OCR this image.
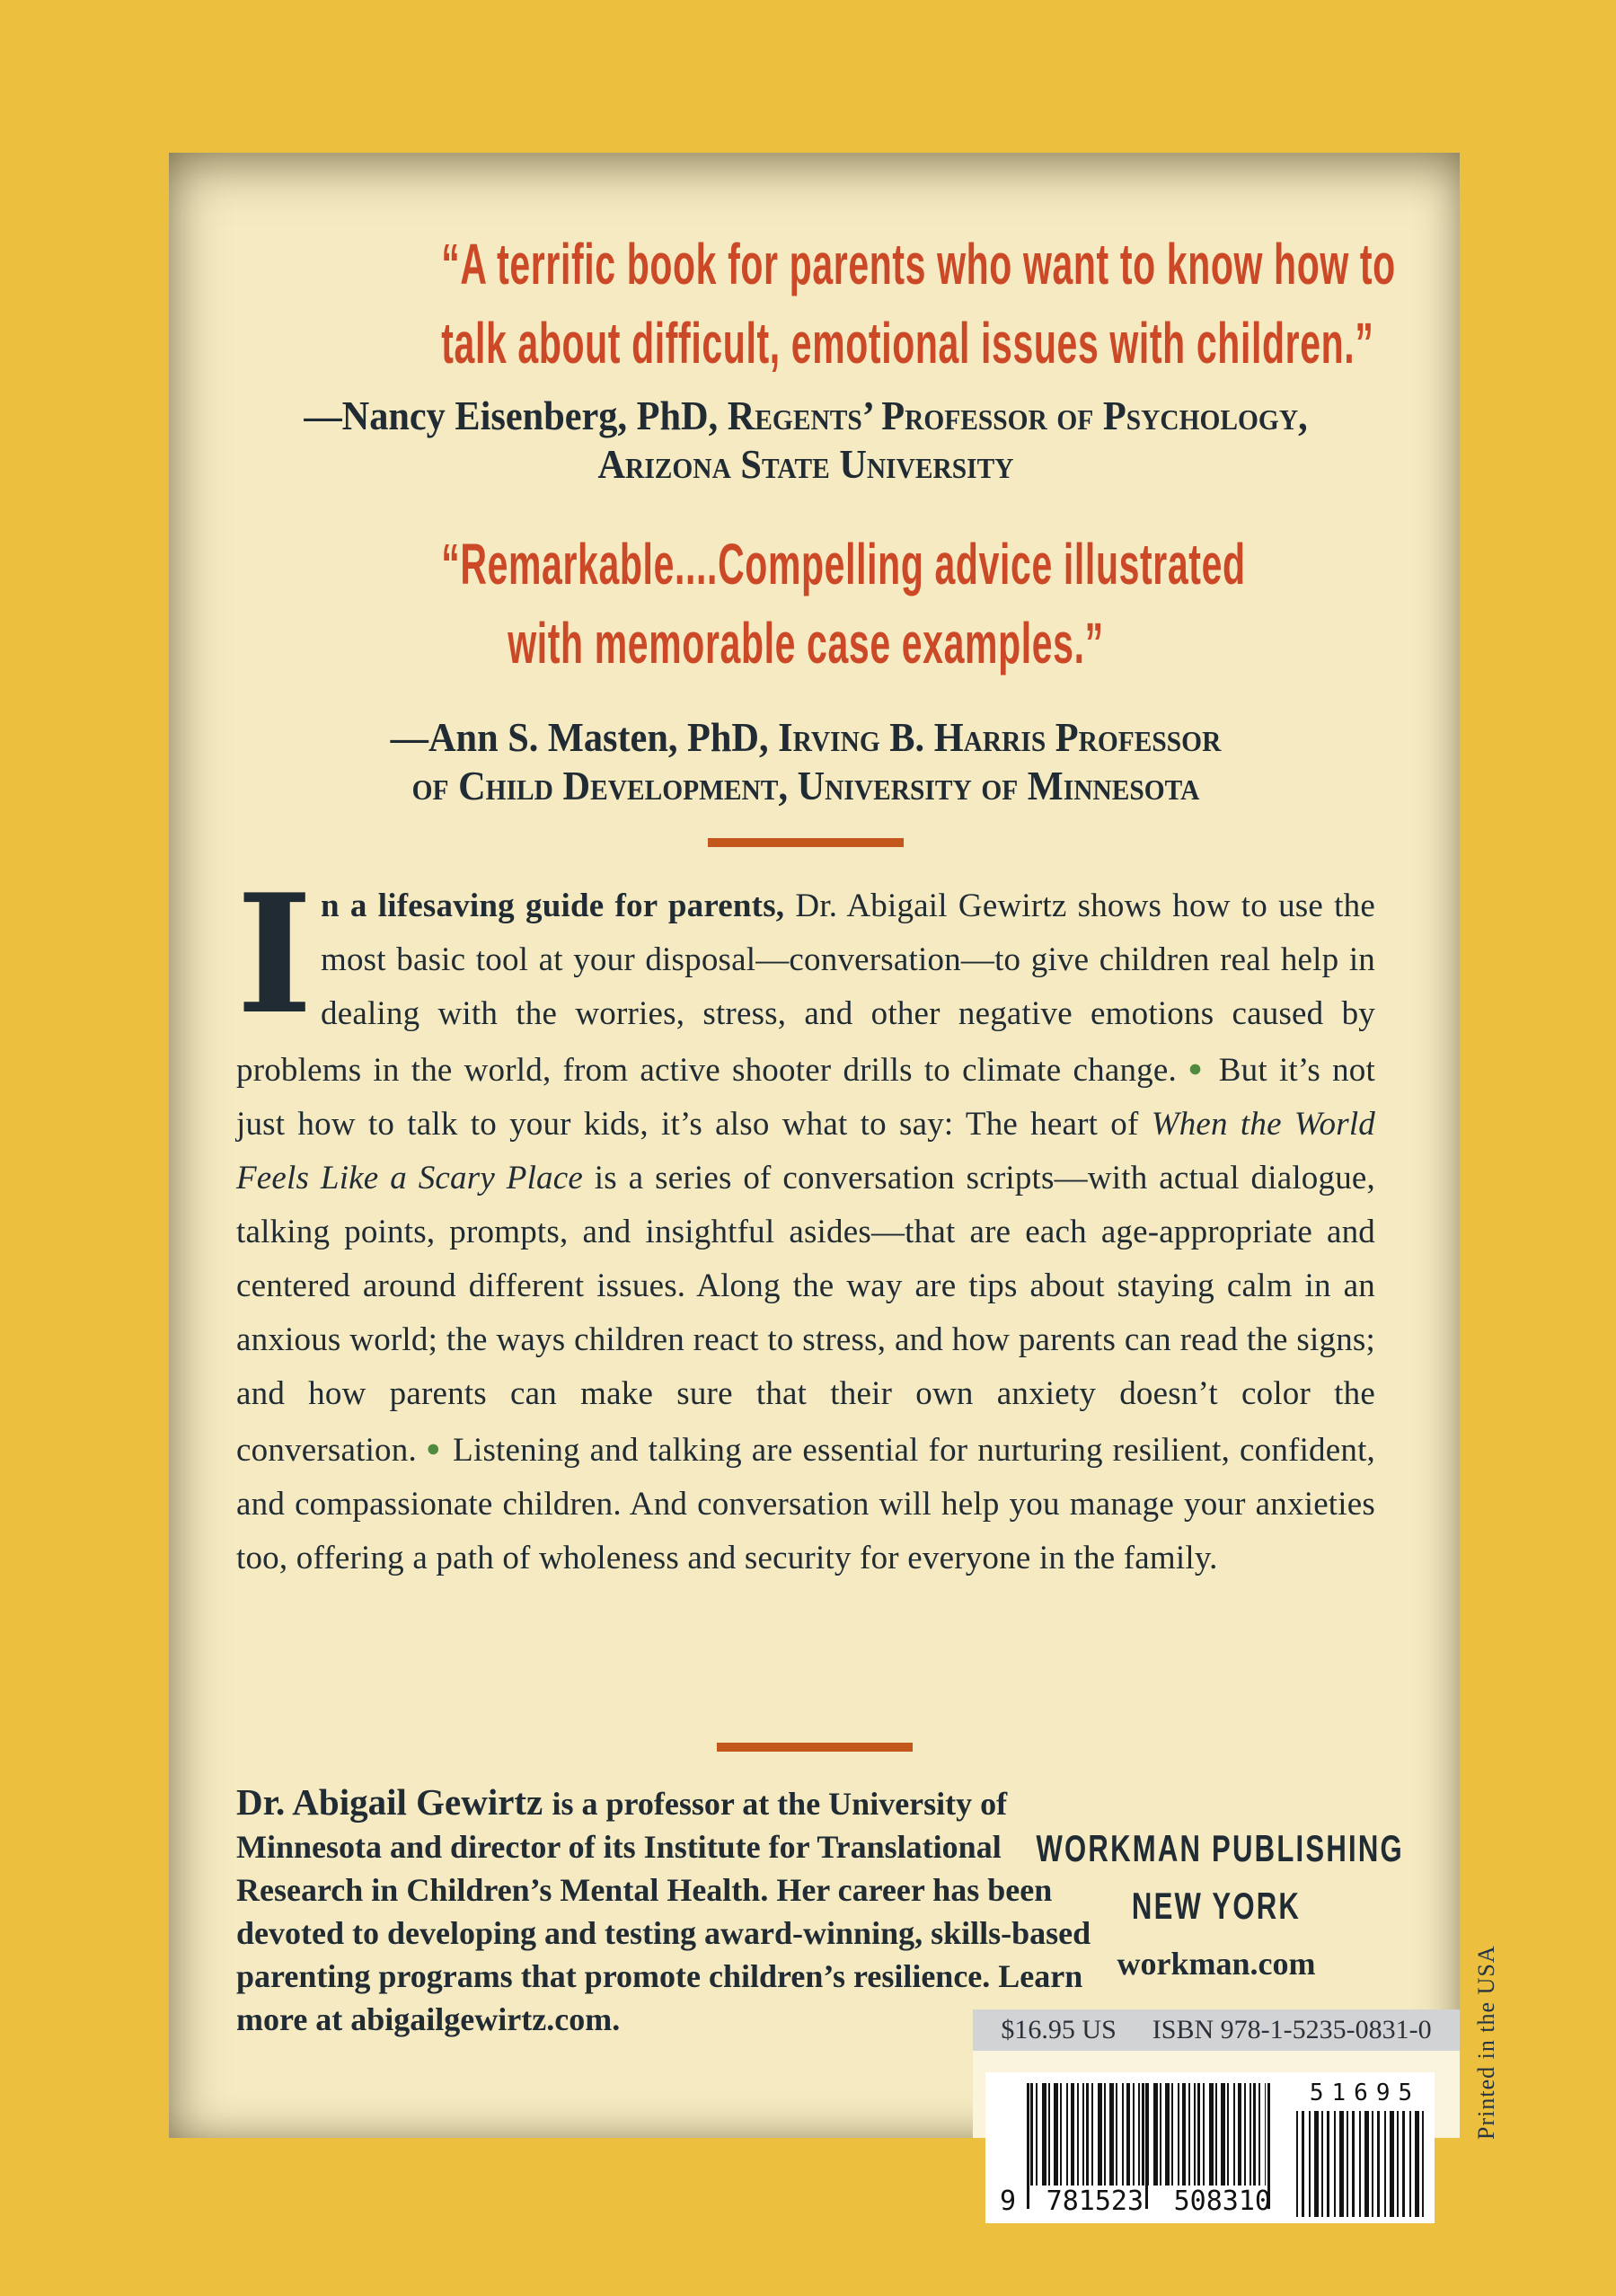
“A terrific book for parents who want to know how to
talk about difficult, emotional issues with children.”
—Nancy Eisenberg, PhD, Regents’ Professor of Psychology,
Arizona State University
“Remarkable....Compelling advice illustrated
with memorable case examples.”
—Ann S. Masten, PhD, Irving B. Harris Professor
of Child Development, University of Minnesota

In a lifesaving guide for parents, Dr. Abigail Gewirtz shows how to use the most basic tool at your disposal—conversation—to give children real help in dealing with the worries, stress, and other negative emotions caused by problems in the world, from active shooter drills to climate change. ● But it’s not just how to talk to your kids, it’s also what to say: The heart of When the World Feels Like a Scary Place is a series of conversation scripts—with actual dialogue, talking points, prompts, and insightful asides—that are each age-appropriate and centered around different issues. Along the way are tips about staying calm in an anxious world; the ways children react to stress, and how parents can read the signs; and how parents can make sure that their own anxiety doesn’t color the conversation. ● Listening and talking are essential for nurturing resilient, confident, and compassionate children. And conversation will help you manage your anxieties too, offering a path of wholeness and security for everyone in the family.

Dr. Abigail Gewirtz is a professor at the University of Minnesota and director of its Institute for Translational Research in Children’s Mental Health. Her career has been devoted to developing and testing award-winning, skills-based parenting programs that promote children’s resilience. Learn more at abigailgewirtz.com.
WORKMAN PUBLISHING
NEW YORK
workman.com
$16.95 US ISBN 978-1-5235-0831-0
9 781523 508310
51695 Printed in the USA
